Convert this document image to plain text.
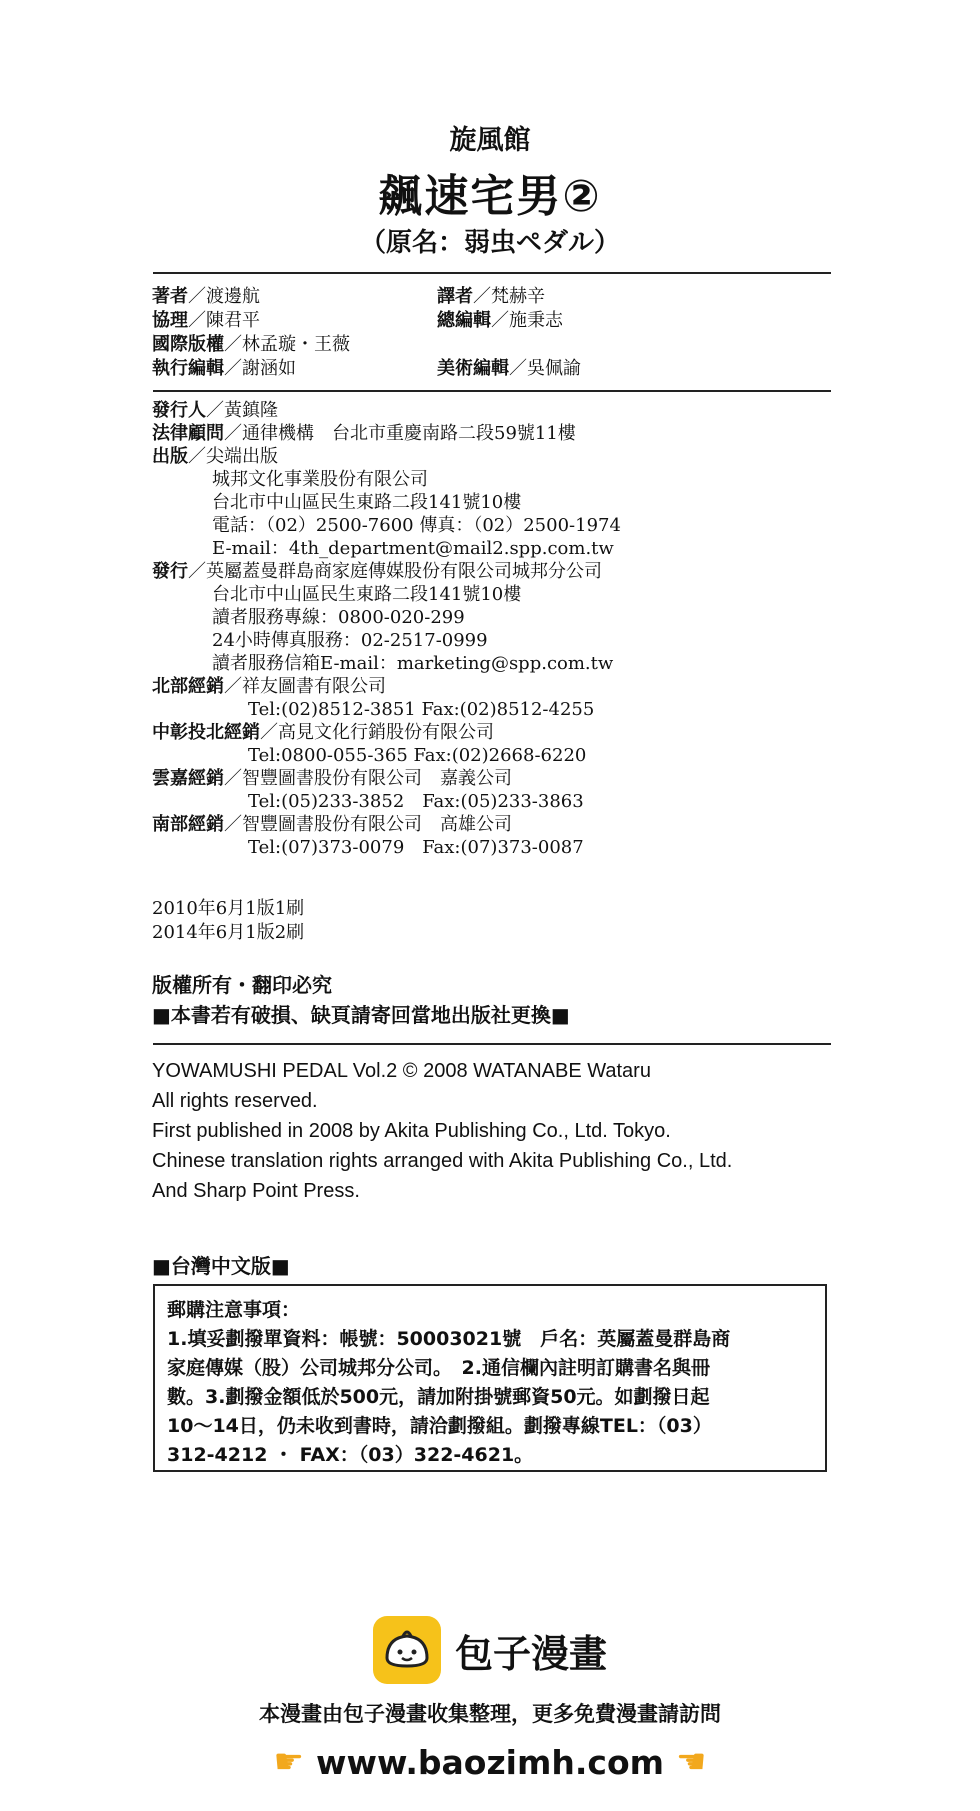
旋風館
飆速宅男②
（原名：弱虫ペダル）
著者／渡邊航	譯者／梵赫辛
協理／陳君平	總編輯／施秉志
國際版權／林孟璇・王薇
執行編輯／謝涵如	美術編輯／吳佩諭
發行人／黃鎮隆
法律顧問／通律機構　台北市重慶南路二段59號11樓
出版／尖端出版
城邦文化事業股份有限公司
台北市中山區民生東路二段141號10樓
電話：（02）2500-7600 傳真：（02）2500-1974
E-mail：4th_department@mail2.spp.com.tw
發行／英屬蓋曼群島商家庭傳媒股份有限公司城邦分公司
台北市中山區民生東路二段141號10樓
讀者服務專線：0800-020-299
24小時傳真服務：02-2517-0999
讀者服務信箱E-mail：marketing@spp.com.tw
北部經銷／祥友圖書有限公司
Tel:(02)8512-3851 Fax:(02)8512-4255
中彰投北經銷／高見文化行銷股份有限公司
Tel:0800-055-365 Fax:(02)2668-6220
雲嘉經銷／智豐圖書股份有限公司　嘉義公司
Tel:(05)233-3852　Fax:(05)233-3863
南部經銷／智豐圖書股份有限公司　高雄公司
Tel:(07)373-0079　Fax:(07)373-0087
2010年6月1版1刷
2014年6月1版2刷
版權所有・翻印必究
■本書若有破損、缺頁請寄回當地出版社更換■
YOWAMUSHI PEDAL Vol.2 © 2008 WATANABE Wataru
All rights reserved.
First published in 2008 by Akita Publishing Co., Ltd. Tokyo.
Chinese translation rights arranged with Akita Publishing Co., Ltd.
And Sharp Point Press.
■台灣中文版■
郵購注意事項：
1.填妥劃撥單資料：帳號：50003021號　戶名：英屬蓋曼群島商
家庭傳媒（股）公司城邦分公司。　2.通信欄內註明訂購書名與冊
數。3.劃撥金額低於500元，請加附掛號郵資50元。如劃撥日起
10～14日，仍未收到書時，請洽劃撥組。劃撥專線TEL：（03）
312-4212 ・ FAX：（03）322-4621。
包子漫畫
本漫畫由包子漫畫收集整理，更多免費漫畫請訪問
☛ www.baozimh.com ☚
